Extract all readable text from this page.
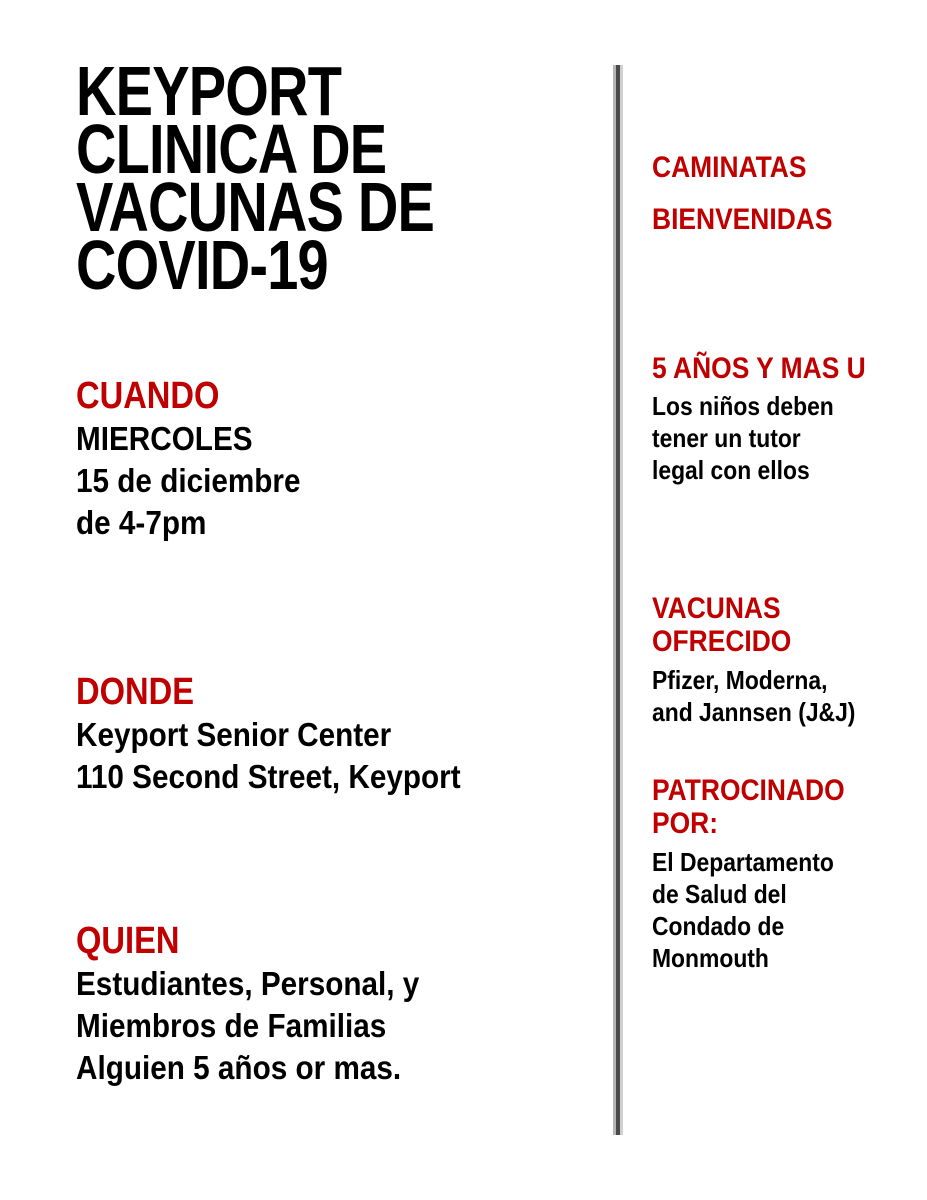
KEYPORT
CLINICA DE
VACUNAS DE
COVID-19
CUANDO
MIERCOLES
15 de diciembre
de 4-7pm
DONDE
Keyport Senior Center
110 Second Street, Keyport
QUIEN
Estudiantes, Personal, y
Miembros de Familias
Alguien 5 años or mas.
CAMINATAS
BIENVENIDAS
5 AÑOS Y MAS U
Los niños deben
tener un tutor
legal con ellos
VACUNAS
OFRECIDO
Pfizer, Moderna,
and Jannsen (J&J)
PATROCINADO
POR:
El Departamento
de Salud del
Condado de
Monmouth
